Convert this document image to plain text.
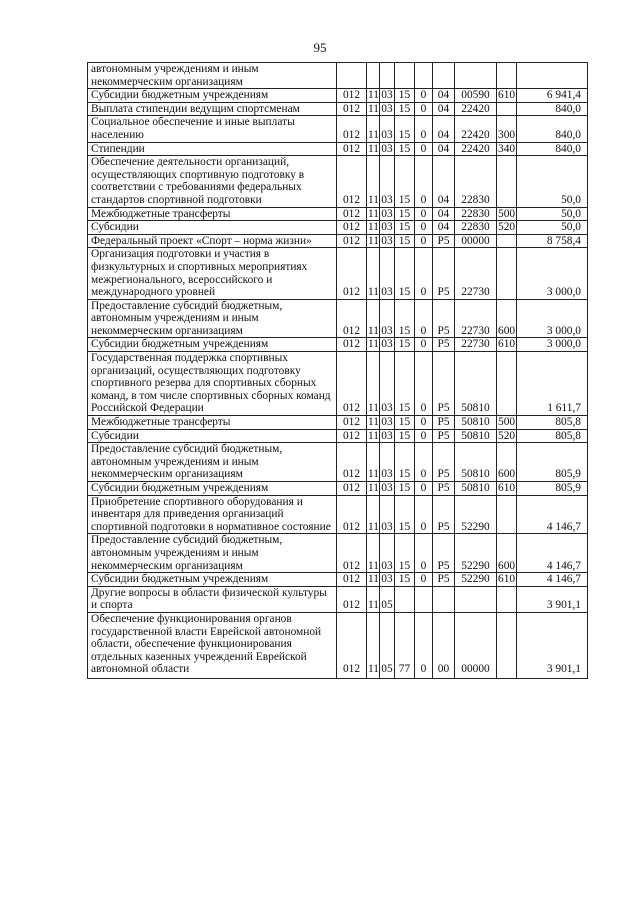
95
автономным учреждениям и иным некоммерческим организациям									
Субсидии бюджетным учреждениям	012	11	03	15	0	04	00590	610	6 941,4
Выплата стипендии ведущим спортсменам	012	11	03	15	0	04	22420		840,0
Социальное обеспечение и иные выплаты населению	012	11	03	15	0	04	22420	300	840,0
Стипендии	012	11	03	15	0	04	22420	340	840,0
Обеспечение деятельности организаций, осуществляющих спортивную подготовку в соответствии с требованиями федеральных стандартов спортивной подготовки	012	11	03	15	0	04	22830		50,0
Межбюджетные трансферты	012	11	03	15	0	04	22830	500	50,0
Субсидии	012	11	03	15	0	04	22830	520	50,0
Федеральный проект «Спорт – норма жизни»	012	11	03	15	0	P5	00000		8 758,4
Организация подготовки и участия в физкультурных и спортивных мероприятиях межрегионального, всероссийского и международного уровней	012	11	03	15	0	P5	22730		3 000,0
Предоставление субсидий бюджетным, автономным учреждениям и иным некоммерческим организациям	012	11	03	15	0	P5	22730	600	3 000,0
Субсидии бюджетным учреждениям	012	11	03	15	0	P5	22730	610	3 000,0
Государственная поддержка спортивных организаций, осуществляющих подготовку спортивного резерва для спортивных сборных команд, в том числе спортивных сборных команд Российской Федерации	012	11	03	15	0	P5	50810		1 611,7
Межбюджетные трансферты	012	11	03	15	0	P5	50810	500	805,8
Субсидии	012	11	03	15	0	P5	50810	520	805,8
Предоставление субсидий бюджетным, автономным учреждениям и иным некоммерческим организациям	012	11	03	15	0	P5	50810	600	805,9
Субсидии бюджетным учреждениям	012	11	03	15	0	P5	50810	610	805,9
Приобретение спортивного оборудования и инвентаря для приведения организаций спортивной подготовки в нормативное состояние	012	11	03	15	0	P5	52290		4 146,7
Предоставление субсидий бюджетным, автономным учреждениям и иным некоммерческим организациям	012	11	03	15	0	P5	52290	600	4 146,7
Субсидии бюджетным учреждениям	012	11	03	15	0	P5	52290	610	4 146,7
Другие вопросы в области физической культуры и спорта	012	11	05						3 901,1
Обеспечение функционирования органов государственной власти Еврейской автономной области, обеспечение функционирования отдельных казенных учреждений Еврейской автономной области	012	11	05	77	0	00	00000		3 901,1
